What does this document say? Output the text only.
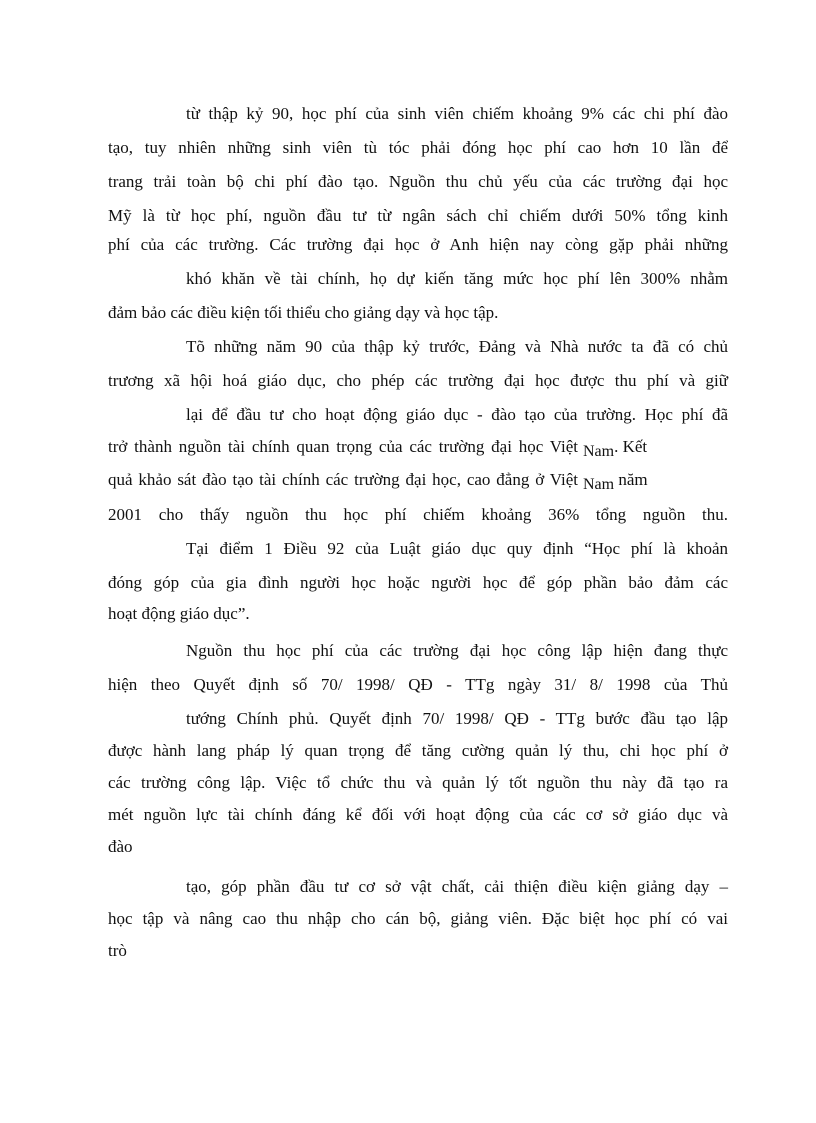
từ thập kỷ 90, học phí của sinh viên chiếm khoảng 9% các chi phí đào
tạo, tuy nhiên những sinh viên tù tóc phải đóng học phí cao hơn 10 lần để
trang trải toàn bộ chi phí đào tạo. Nguồn thu chủ yếu của các trường đại học
Mỹ là từ học phí, nguồn đầu tư từ ngân sách chỉ chiếm dưới 50% tổng kinh
phí của các trường. Các trường đại học ở Anh hiện nay còng gặp phải những
khó khăn về tài chính, họ dự kiến tăng mức học phí lên 300% nhằm
đảm bảo các điều kiện tối thiểu cho giảng dạy và học tập.
Tõ những năm 90 của thập kỷ trước, Đảng và Nhà nước ta đã có chủ
trương xã hội hoá giáo dục, cho phép các trường đại học được thu phí và giữ
lại để đầu tư cho hoạt động giáo dục - đào tạo của trường. Học phí đã
trở thành nguồn tài chính quan trọng của các trường đại học Việt Nam. Kết
quả khảo sát đào tạo tài chính các trường đại học, cao đẳng ở Việt Nam năm
2001 cho thấy nguồn thu học phí chiếm khoảng 36% tổng nguồn thu.
Tại điểm 1 Điều 92 của Luật giáo dục quy định “Học phí là khoản
đóng góp của gia đình người học hoặc người học để góp phần bảo đảm các
hoạt động giáo dục”.
Nguồn thu học phí của các trường đại học công lập hiện đang thực
hiện theo Quyết định số 70/ 1998/ QĐ - TTg ngày 31/ 8/ 1998 của Thủ
tướng Chính phủ. Quyết định 70/ 1998/ QĐ - TTg bước đầu tạo lập
được hành lang pháp lý quan trọng để tăng cường quản lý thu, chi học phí ở
các trường công lập. Việc tổ chức thu và quản lý tốt nguồn thu này đã tạo ra
mét nguồn lực tài chính đáng kể đối với hoạt động của các cơ sở giáo dục và
đào
tạo, góp phần đầu tư cơ sở vật chất, cải thiện điều kiện giảng dạy –
học tập và nâng cao thu nhập cho cán bộ, giảng viên. Đặc biệt học phí có vai
trò
